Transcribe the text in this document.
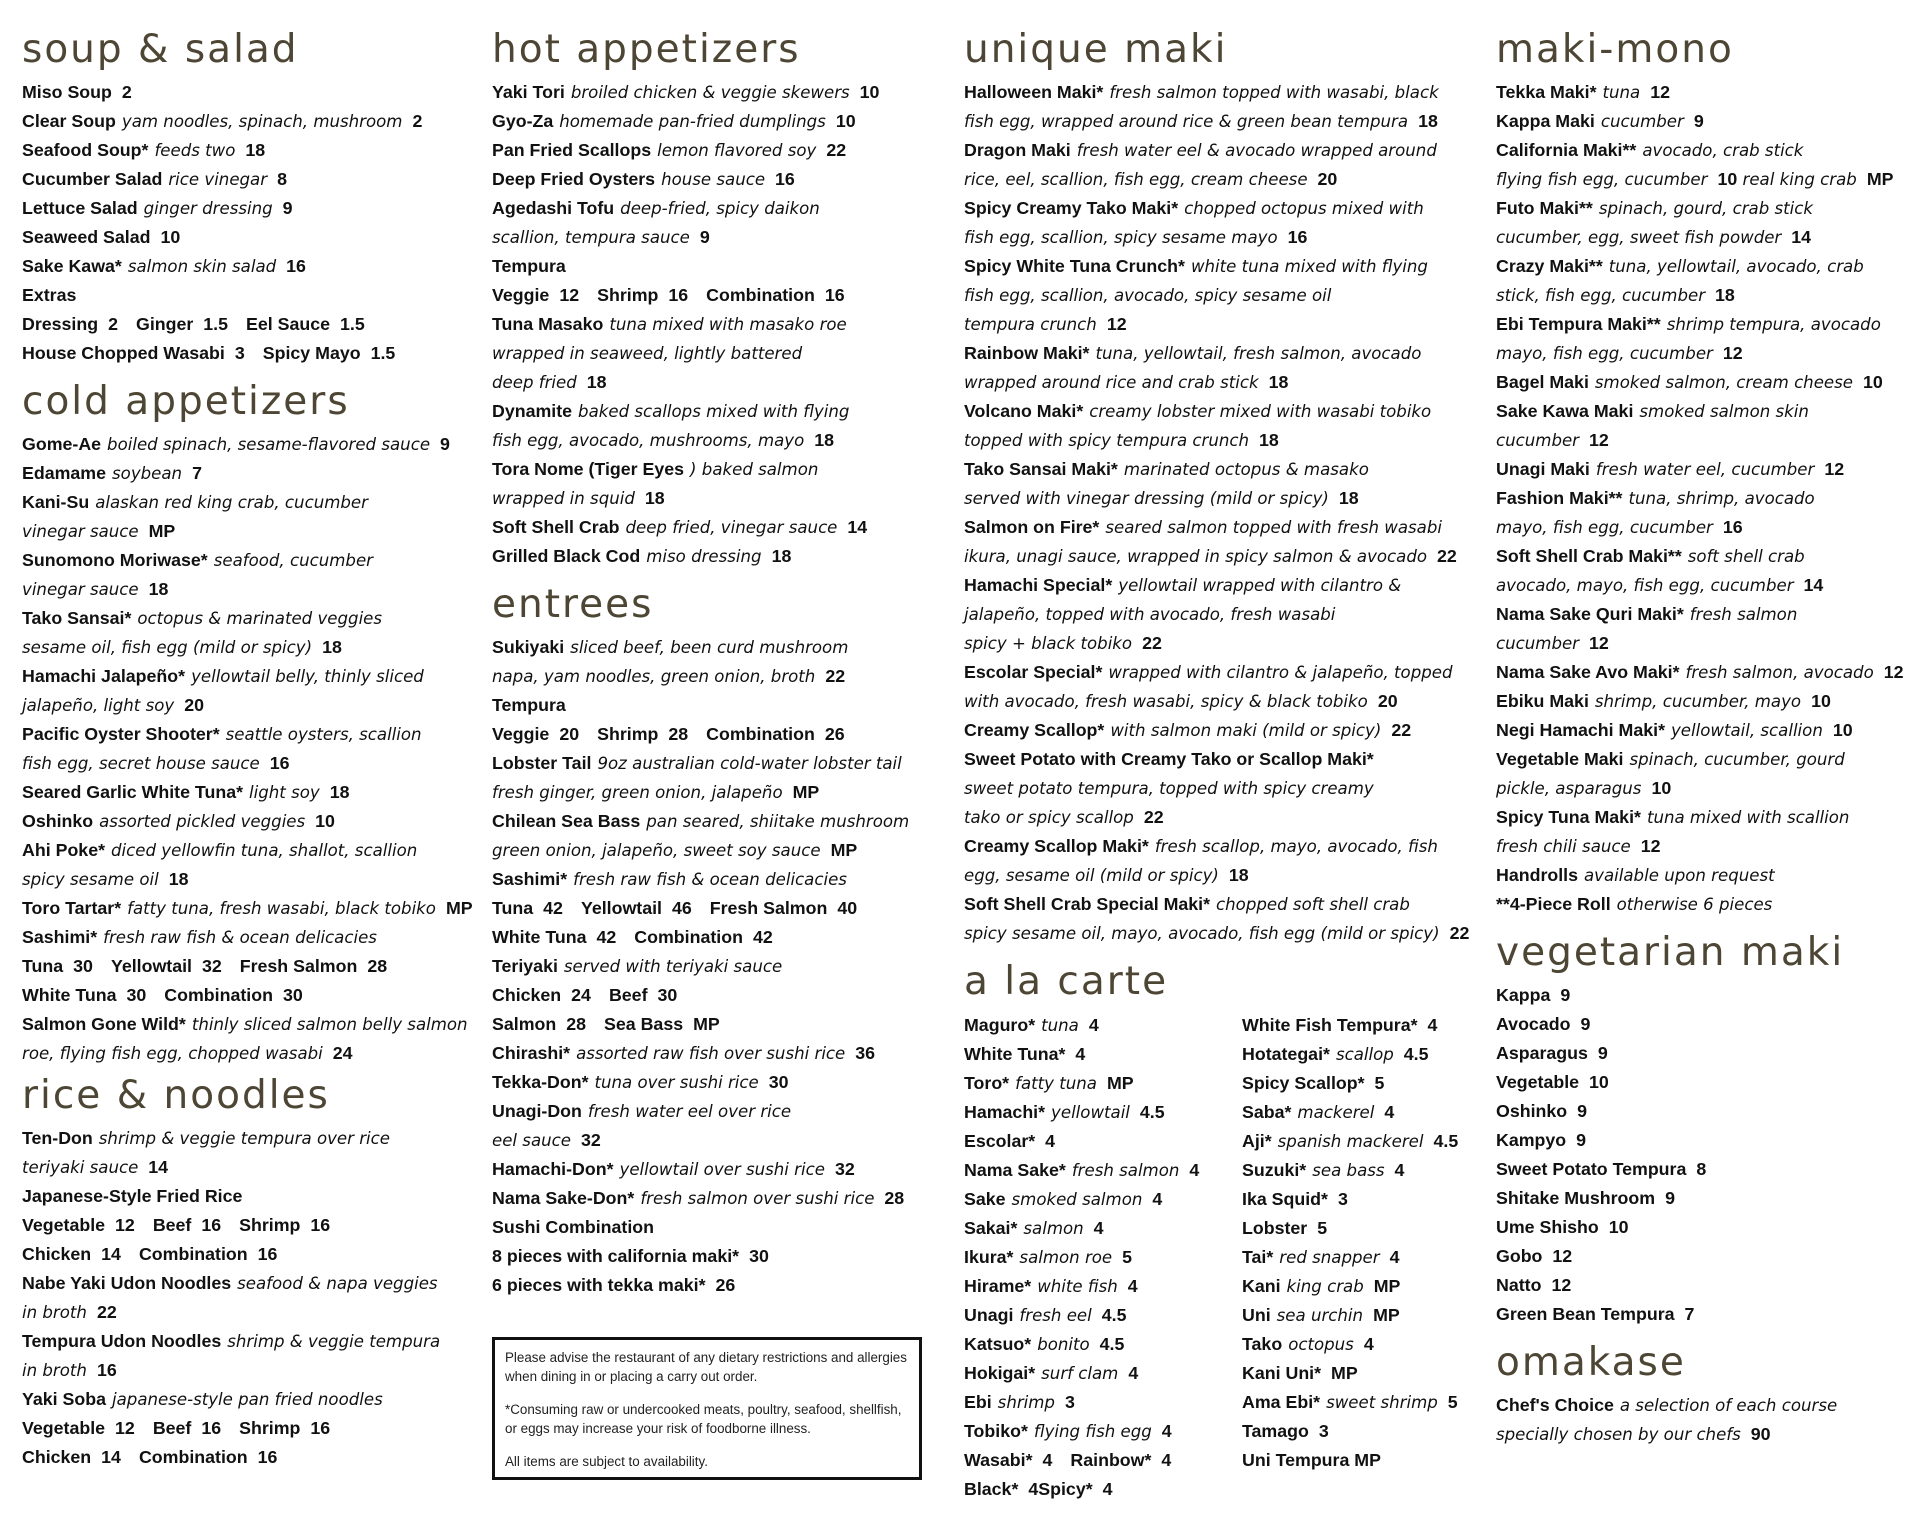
soup & salad
Miso Soup 2
Clear Soup yam noodles, spinach, mushroom 2
Seafood Soup* feeds two 18
Cucumber Salad rice vinegar 8
Lettuce Salad ginger dressing 9
Seaweed Salad 10
Sake Kawa* salmon skin salad 16
Extras
Dressing 2 Ginger 1.5 Eel Sauce 1.5
House Chopped Wasabi 3 Spicy Mayo 1.5
cold appetizers
Gome-Ae boiled spinach, sesame-flavored sauce 9
Edamame soybean 7
Kani-Su alaskan red king crab, cucumber
vinegar sauce MP
Sunomono Moriwase* seafood, cucumber
vinegar sauce 18
Tako Sansai* octopus & marinated veggies
sesame oil, fish egg (mild or spicy) 18
Hamachi Jalapeño* yellowtail belly, thinly sliced
jalapeño, light soy 20
Pacific Oyster Shooter* seattle oysters, scallion
fish egg, secret house sauce 16
Seared Garlic White Tuna* light soy 18
Oshinko assorted pickled veggies 10
Ahi Poke* diced yellowfin tuna, shallot, scallion
spicy sesame oil 18
Toro Tartar* fatty tuna, fresh wasabi, black tobiko MP
Sashimi* fresh raw fish & ocean delicacies
Tuna 30 Yellowtail 32 Fresh Salmon 28
White Tuna 30 Combination 30
Salmon Gone Wild* thinly sliced salmon belly salmon
roe, flying fish egg, chopped wasabi 24
rice & noodles
Ten-Don shrimp & veggie tempura over rice
teriyaki sauce 14
Japanese-Style Fried Rice
Vegetable 12 Beef 16 Shrimp 16
Chicken 14 Combination 16
Nabe Yaki Udon Noodles seafood & napa veggies
in broth 22
Tempura Udon Noodles shrimp & veggie tempura
in broth 16
Yaki Soba japanese-style pan fried noodles
Vegetable 12 Beef 16 Shrimp 16
Chicken 14 Combination 16
hot appetizers
Yaki Tori broiled chicken & veggie skewers 10
Gyo-Za homemade pan-fried dumplings 10
Pan Fried Scallops lemon flavored soy 22
Deep Fried Oysters house sauce 16
Agedashi Tofu deep-fried, spicy daikon
scallion, tempura sauce 9
Tempura
Veggie 12 Shrimp 16 Combination 16
Tuna Masako tuna mixed with masako roe
wrapped in seaweed, lightly battered
deep fried 18
Dynamite baked scallops mixed with flying
fish egg, avocado, mushrooms, mayo 18
Tora Nome (Tiger Eyes ) baked salmon
wrapped in squid 18
Soft Shell Crab deep fried, vinegar sauce 14
Grilled Black Cod miso dressing 18
entrees
Sukiyaki sliced beef, been curd mushroom
napa, yam noodles, green onion, broth 22
Tempura
Veggie 20 Shrimp 28 Combination 26
Lobster Tail 9oz australian cold-water lobster tail
fresh ginger, green onion, jalapeño MP
Chilean Sea Bass pan seared, shiitake mushroom
green onion, jalapeño, sweet soy sauce MP
Sashimi* fresh raw fish & ocean delicacies
Tuna 42 Yellowtail 46 Fresh Salmon 40
White Tuna 42 Combination 42
Teriyaki served with teriyaki sauce
Chicken 24 Beef 30
Salmon 28 Sea Bass MP
Chirashi* assorted raw fish over sushi rice 36
Tekka-Don* tuna over sushi rice 30
Unagi-Don fresh water eel over rice
eel sauce 32
Hamachi-Don* yellowtail over sushi rice 32
Nama Sake-Don* fresh salmon over sushi rice 28
Sushi Combination
8 pieces with california maki* 30
6 pieces with tekka maki* 26
unique maki
Halloween Maki* fresh salmon topped with wasabi, black
fish egg, wrapped around rice & green bean tempura 18
Dragon Maki fresh water eel & avocado wrapped around
rice, eel, scallion, fish egg, cream cheese 20
Spicy Creamy Tako Maki* chopped octopus mixed with
fish egg, scallion, spicy sesame mayo 16
Spicy White Tuna Crunch* white tuna mixed with flying
fish egg, scallion, avocado, spicy sesame oil
tempura crunch 12
Rainbow Maki* tuna, yellowtail, fresh salmon, avocado
wrapped around rice and crab stick 18
Volcano Maki* creamy lobster mixed with wasabi tobiko
topped with spicy tempura crunch 18
Tako Sansai Maki* marinated octopus & masako
served with vinegar dressing (mild or spicy) 18
Salmon on Fire* seared salmon topped with fresh wasabi
ikura, unagi sauce, wrapped in spicy salmon & avocado 22
Hamachi Special* yellowtail wrapped with cilantro &
jalapeño, topped with avocado, fresh wasabi
spicy + black tobiko 22
Escolar Special* wrapped with cilantro & jalapeño, topped
with avocado, fresh wasabi, spicy & black tobiko 20
Creamy Scallop* with salmon maki (mild or spicy) 22
Sweet Potato with Creamy Tako or Scallop Maki*
sweet potato tempura, topped with spicy creamy
tako or spicy scallop 22
Creamy Scallop Maki* fresh scallop, mayo, avocado, fish
egg, sesame oil (mild or spicy) 18
Soft Shell Crab Special Maki* chopped soft shell crab
spicy sesame oil, mayo, avocado, fish egg (mild or spicy) 22
a la carte
Maguro* tuna 4
White Tuna* 4
Toro* fatty tuna MP
Hamachi* yellowtail 4.5
Escolar* 4
Nama Sake* fresh salmon 4
Sake smoked salmon 4
Sakai* salmon 4
Ikura* salmon roe 5
Hirame* white fish 4
Unagi fresh eel 4.5
Katsuo* bonito 4.5
Hokigai* surf clam 4
Ebi shrimp 3
Tobiko* flying fish egg 4
Wasabi* 4 Rainbow* 4
Black* 4Spicy* 4
White Fish Tempura* 4
Hotategai* scallop 4.5
Spicy Scallop* 5
Saba* mackerel 4
Aji* spanish mackerel 4.5
Suzuki* sea bass 4
Ika Squid* 3
Lobster 5
Tai* red snapper 4
Kani king crab MP
Uni sea urchin MP
Tako octopus 4
Kani Uni* MP
Ama Ebi* sweet shrimp 5
Tamago 3
Uni Tempura MP
maki-mono
Tekka Maki* tuna 12
Kappa Maki cucumber 9
California Maki** avocado, crab stick
flying fish egg, cucumber 10 real king crab MP
Futo Maki** spinach, gourd, crab stick
cucumber, egg, sweet fish powder 14
Crazy Maki** tuna, yellowtail, avocado, crab
stick, fish egg, cucumber 18
Ebi Tempura Maki** shrimp tempura, avocado
mayo, fish egg, cucumber 12
Bagel Maki smoked salmon, cream cheese 10
Sake Kawa Maki smoked salmon skin
cucumber 12
Unagi Maki fresh water eel, cucumber 12
Fashion Maki** tuna, shrimp, avocado
mayo, fish egg, cucumber 16
Soft Shell Crab Maki** soft shell crab
avocado, mayo, fish egg, cucumber 14
Nama Sake Quri Maki* fresh salmon
cucumber 12
Nama Sake Avo Maki* fresh salmon, avocado 12
Ebiku Maki shrimp, cucumber, mayo 10
Negi Hamachi Maki* yellowtail, scallion 10
Vegetable Maki spinach, cucumber, gourd
pickle, asparagus 10
Spicy Tuna Maki* tuna mixed with scallion
fresh chili sauce 12
Handrolls available upon request
**4-Piece Roll otherwise 6 pieces
vegetarian maki
Kappa 9
Avocado 9
Asparagus 9
Vegetable 10
Oshinko 9
Kampyo 9
Sweet Potato Tempura 8
Shitake Mushroom 9
Ume Shisho 10
Gobo 12
Natto 12
Green Bean Tempura 7
omakase
Chef's Choice a selection of each course
specially chosen by our chefs 90

Please advise the restaurant of any dietary restrictions and allergies when dining in or placing a carry out order.

*Consuming raw or undercooked meats, poultry, seafood, shellfish, or eggs may increase your risk of foodborne illness.

All items are subject to availability.
